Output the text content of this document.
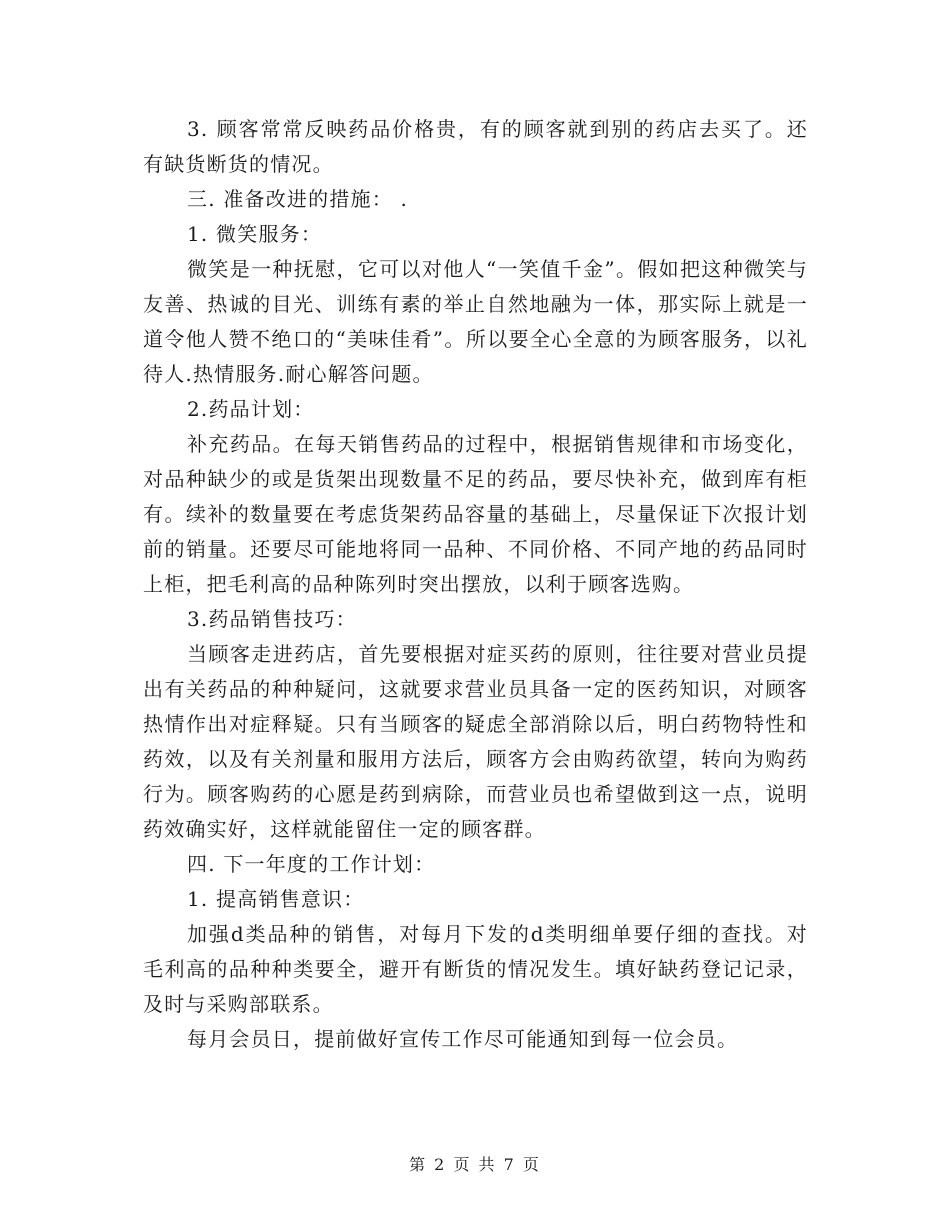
3. 顾客常常反映药品价格贵，有的顾客就到别的药店去买了。还有缺货断货的情况。

三. 准备改进的措施： .

1. 微笑服务：

微笑是一种抚慰，它可以对他人“一笑值千金”。假如把这种微笑与友善、热诚的目光、训练有素的举止自然地融为一体，那实际上就是一道令他人赞不绝口的“美味佳肴”。所以要全心全意的为顾客服务，以礼待人.热情服务.耐心解答问题。

2.药品计划：

补充药品。在每天销售药品的过程中，根据销售规律和市场变化，对品种缺少的或是货架出现数量不足的药品，要尽快补充，做到库有柜有。续补的数量要在考虑货架药品容量的基础上，尽量保证下次报计划前的销量。还要尽可能地将同一品种、不同价格、不同产地的药品同时上柜，把毛利高的品种陈列时突出摆放，以利于顾客选购。

3.药品销售技巧：

当顾客走进药店，首先要根据对症买药的原则，往往要对营业员提出有关药品的种种疑问，这就要求营业员具备一定的医药知识，对顾客热情作出对症释疑。只有当顾客的疑虑全部消除以后，明白药物特性和药效，以及有关剂量和服用方法后，顾客方会由购药欲望，转向为购药行为。顾客购药的心愿是药到病除，而营业员也希望做到这一点，说明药效确实好，这样就能留住一定的顾客群。

四. 下一年度的工作计划：

1. 提高销售意识：

加强d类品种的销售，对每月下发的d类明细单要仔细的查找。对毛利高的品种种类要全，避开有断货的情况发生。填好缺药登记记录，及时与采购部联系。

每月会员日，提前做好宣传工作尽可能通知到每一位会员。

第 2 页 共 7 页
